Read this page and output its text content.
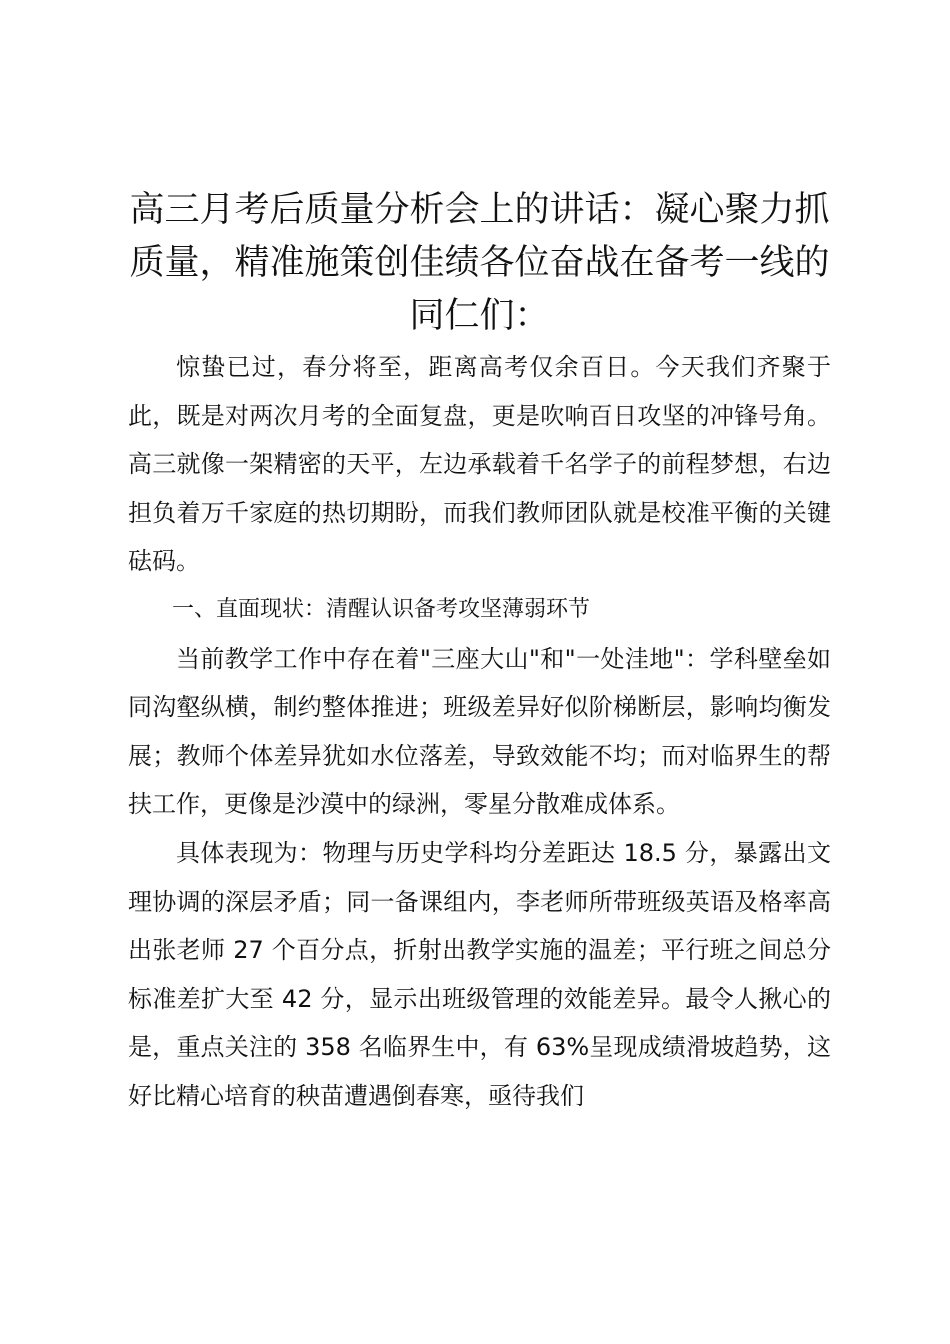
高三月考后质量分析会上的讲话：凝心聚力抓质量，精准施策创佳绩各位奋战在备考一线的同仁们：

惊蛰已过，春分将至，距离高考仅余百日。今天我们齐聚于此，既是对两次月考的全面复盘，更是吹响百日攻坚的冲锋号角。高三就像一架精密的天平，左边承载着千名学子的前程梦想，右边担负着万千家庭的热切期盼，而我们教师团队就是校准平衡的关键砝码。

一、直面现状：清醒认识备考攻坚薄弱环节

当前教学工作中存在着"三座大山"和"一处洼地"：学科壁垒如同沟壑纵横，制约整体推进；班级差异好似阶梯断层，影响均衡发展；教师个体差异犹如水位落差，导致效能不均；而对临界生的帮扶工作，更像是沙漠中的绿洲，零星分散难成体系。

具体表现为：物理与历史学科均分差距达 18.5 分，暴露出文理协调的深层矛盾；同一备课组内，李老师所带班级英语及格率高出张老师 27 个百分点，折射出教学实施的温差；平行班之间总分标准差扩大至 42 分，显示出班级管理的效能差异。最令人揪心的是，重点关注的 358 名临界生中，有 63%呈现成绩滑坡趋势，这好比精心培育的秧苗遭遇倒春寒，亟待我们
